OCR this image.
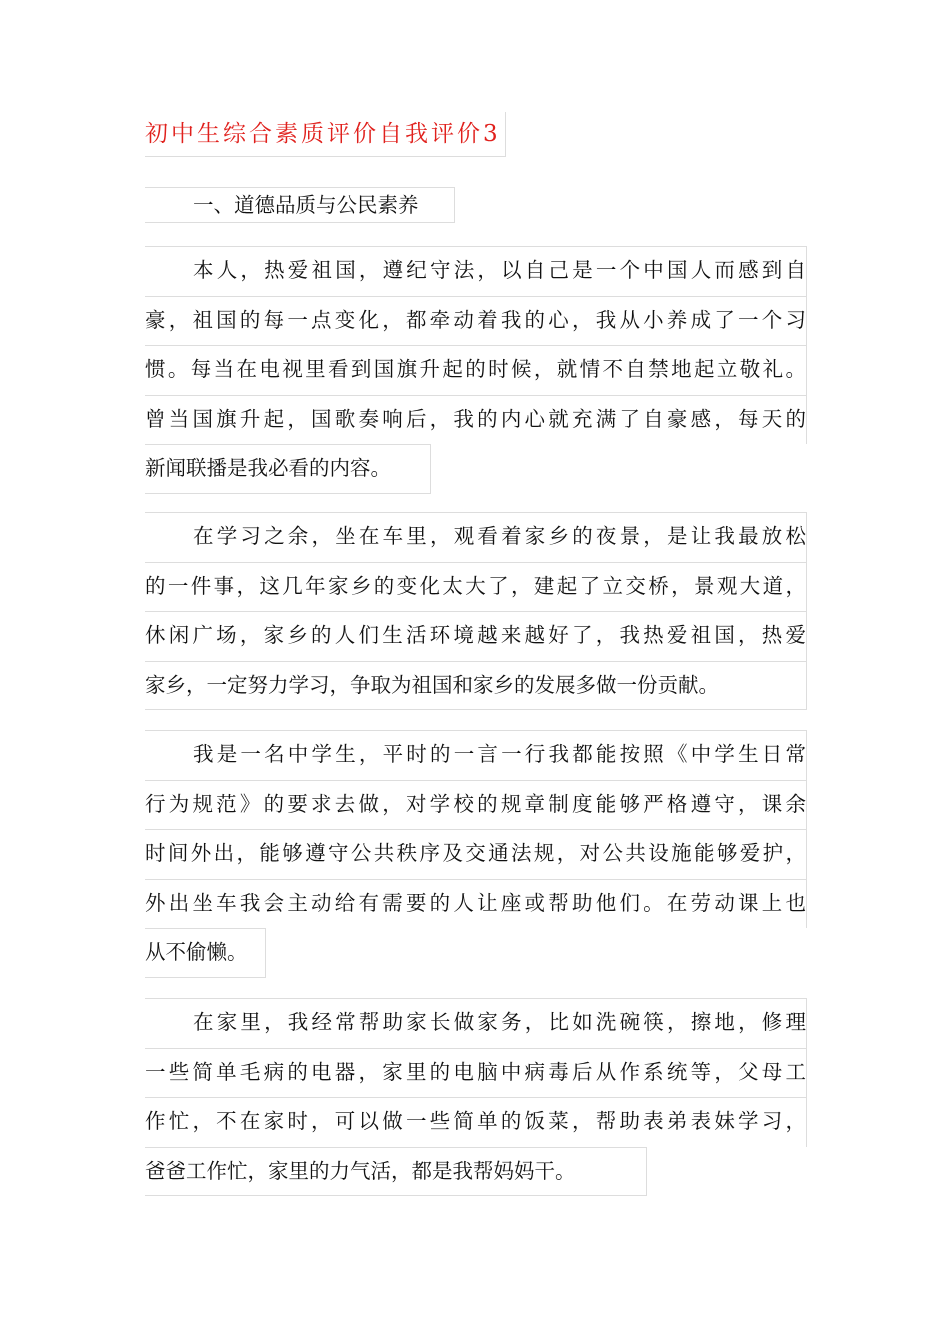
初中生综合素质评价自我评价3
一、道德品质与公民素养
本人，热爱祖国，遵纪守法，以自己是一个中国人而感到自
豪，祖国的每一点变化，都牵动着我的心，我从小养成了一个习
惯。每当在电视里看到国旗升起的时候，就情不自禁地起立敬礼。
曾当国旗升起，国歌奏响后，我的内心就充满了自豪感，每天的
新闻联播是我必看的内容。
在学习之余，坐在车里，观看着家乡的夜景，是让我最放松
的一件事，这几年家乡的变化太大了，建起了立交桥，景观大道，
休闲广场，家乡的人们生活环境越来越好了，我热爱祖国，热爱
家乡，一定努力学习，争取为祖国和家乡的发展多做一份贡献。
我是一名中学生，平时的一言一行我都能按照《中学生日常
行为规范》的要求去做，对学校的规章制度能够严格遵守，课余
时间外出，能够遵守公共秩序及交通法规，对公共设施能够爱护，
外出坐车我会主动给有需要的人让座或帮助他们。在劳动课上也
从不偷懒。
在家里，我经常帮助家长做家务，比如洗碗筷，擦地，修理
一些简单毛病的电器，家里的电脑中病毒后从作系统等，父母工
作忙，不在家时，可以做一些简单的饭菜，帮助表弟表妹学习，
爸爸工作忙，家里的力气活，都是我帮妈妈干。
